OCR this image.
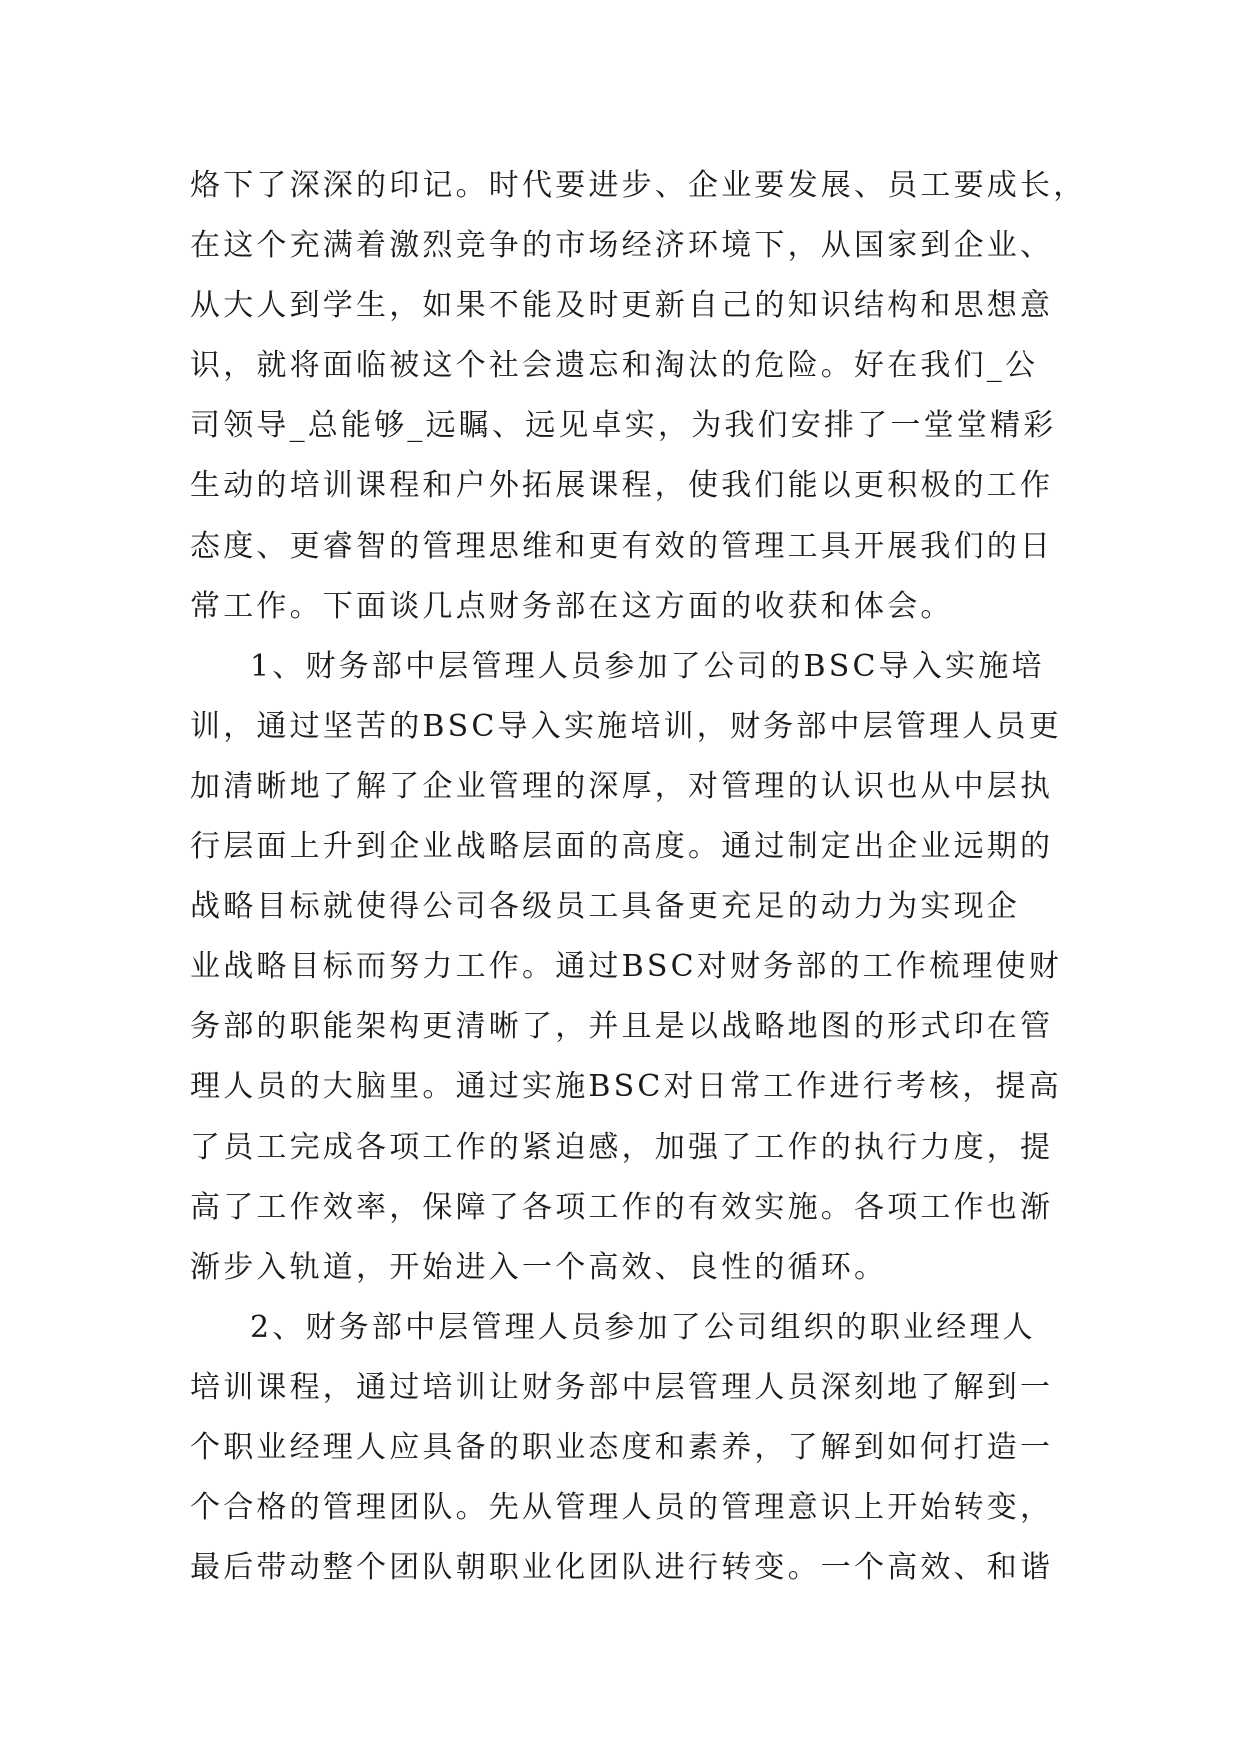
烙下了深深的印记。时代要进步、企业要发展、员工要成长，
在这个充满着激烈竞争的市场经济环境下，从国家到企业、
从大人到学生，如果不能及时更新自己的知识结构和思想意
识，就将面临被这个社会遗忘和淘汰的危险。好在我们_公
司领导_总能够_远瞩、远见卓实，为我们安排了一堂堂精彩
生动的培训课程和户外拓展课程，使我们能以更积极的工作
态度、更睿智的管理思维和更有效的管理工具开展我们的日
常工作。下面谈几点财务部在这方面的收获和体会。
1、财务部中层管理人员参加了公司的BSC导入实施培
训，通过坚苦的BSC导入实施培训，财务部中层管理人员更
加清晰地了解了企业管理的深厚，对管理的认识也从中层执
行层面上升到企业战略层面的高度。通过制定出企业远期的
战略目标就使得公司各级员工具备更充足的动力为实现企
业战略目标而努力工作。通过BSC对财务部的工作梳理使财
务部的职能架构更清晰了，并且是以战略地图的形式印在管
理人员的大脑里。通过实施BSC对日常工作进行考核，提高
了员工完成各项工作的紧迫感，加强了工作的执行力度，提
高了工作效率，保障了各项工作的有效实施。各项工作也渐
渐步入轨道，开始进入一个高效、良性的循环。
2、财务部中层管理人员参加了公司组织的职业经理人
培训课程，通过培训让财务部中层管理人员深刻地了解到一
个职业经理人应具备的职业态度和素养，了解到如何打造一
个合格的管理团队。先从管理人员的管理意识上开始转变，
最后带动整个团队朝职业化团队进行转变。一个高效、和谐
